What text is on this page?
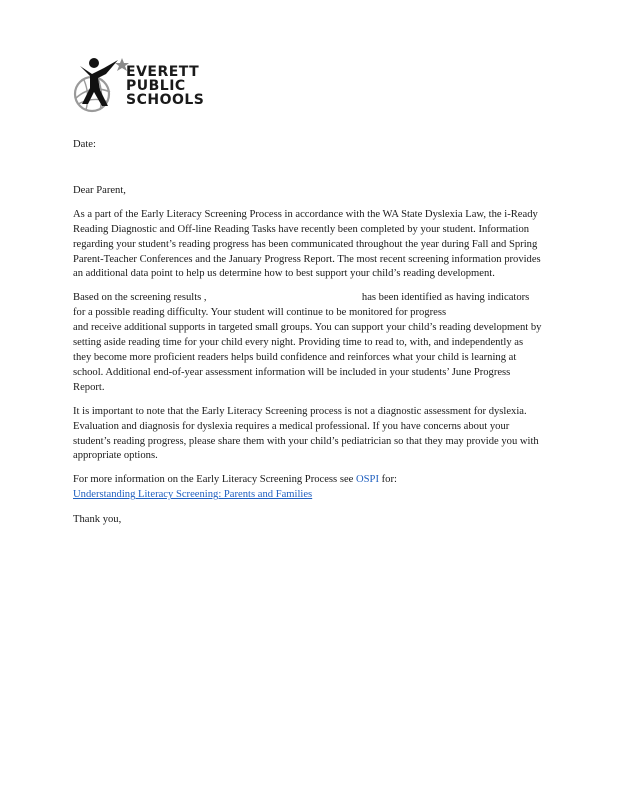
EVERETT
PUBLIC
SCHOOLS
Date:
Dear Parent,

As a part of the Early Literacy Screening Process in accordance with the WA State Dyslexia Law, the i-Ready Reading Diagnostic and Off-line Reading Tasks have recently been completed by your student. Information regarding your student’s reading progress has been communicated throughout the year during Fall and Spring Parent-Teacher Conferences and the January Progress Report. The most recent screening information provides an additional data point to help us determine how to best support your child’s reading development.

Based on the screening results ,	has been identified as having indicators for a possible reading difficulty. Your student will continue to be monitored for progress

and receive additional supports in targeted small groups. You can support your child’s reading development by setting aside reading time for your child every night. Providing time to read to, with, and independently as they become more proficient readers helps build confidence and reinforces what your child is learning at school. Additional end-of-year assessment information will be included in your students’ June Progress Report.

It is important to note that the Early Literacy Screening process is not a diagnostic assessment for dyslexia. Evaluation and diagnosis for dyslexia requires a medical professional. If you have concerns about your student’s reading progress, please share them with your child’s pediatrician so that they may provide you with appropriate options.

For more information on the Early Literacy Screening Process see OSPI for:
Understanding Literacy Screening: Parents and Families

Thank you,
